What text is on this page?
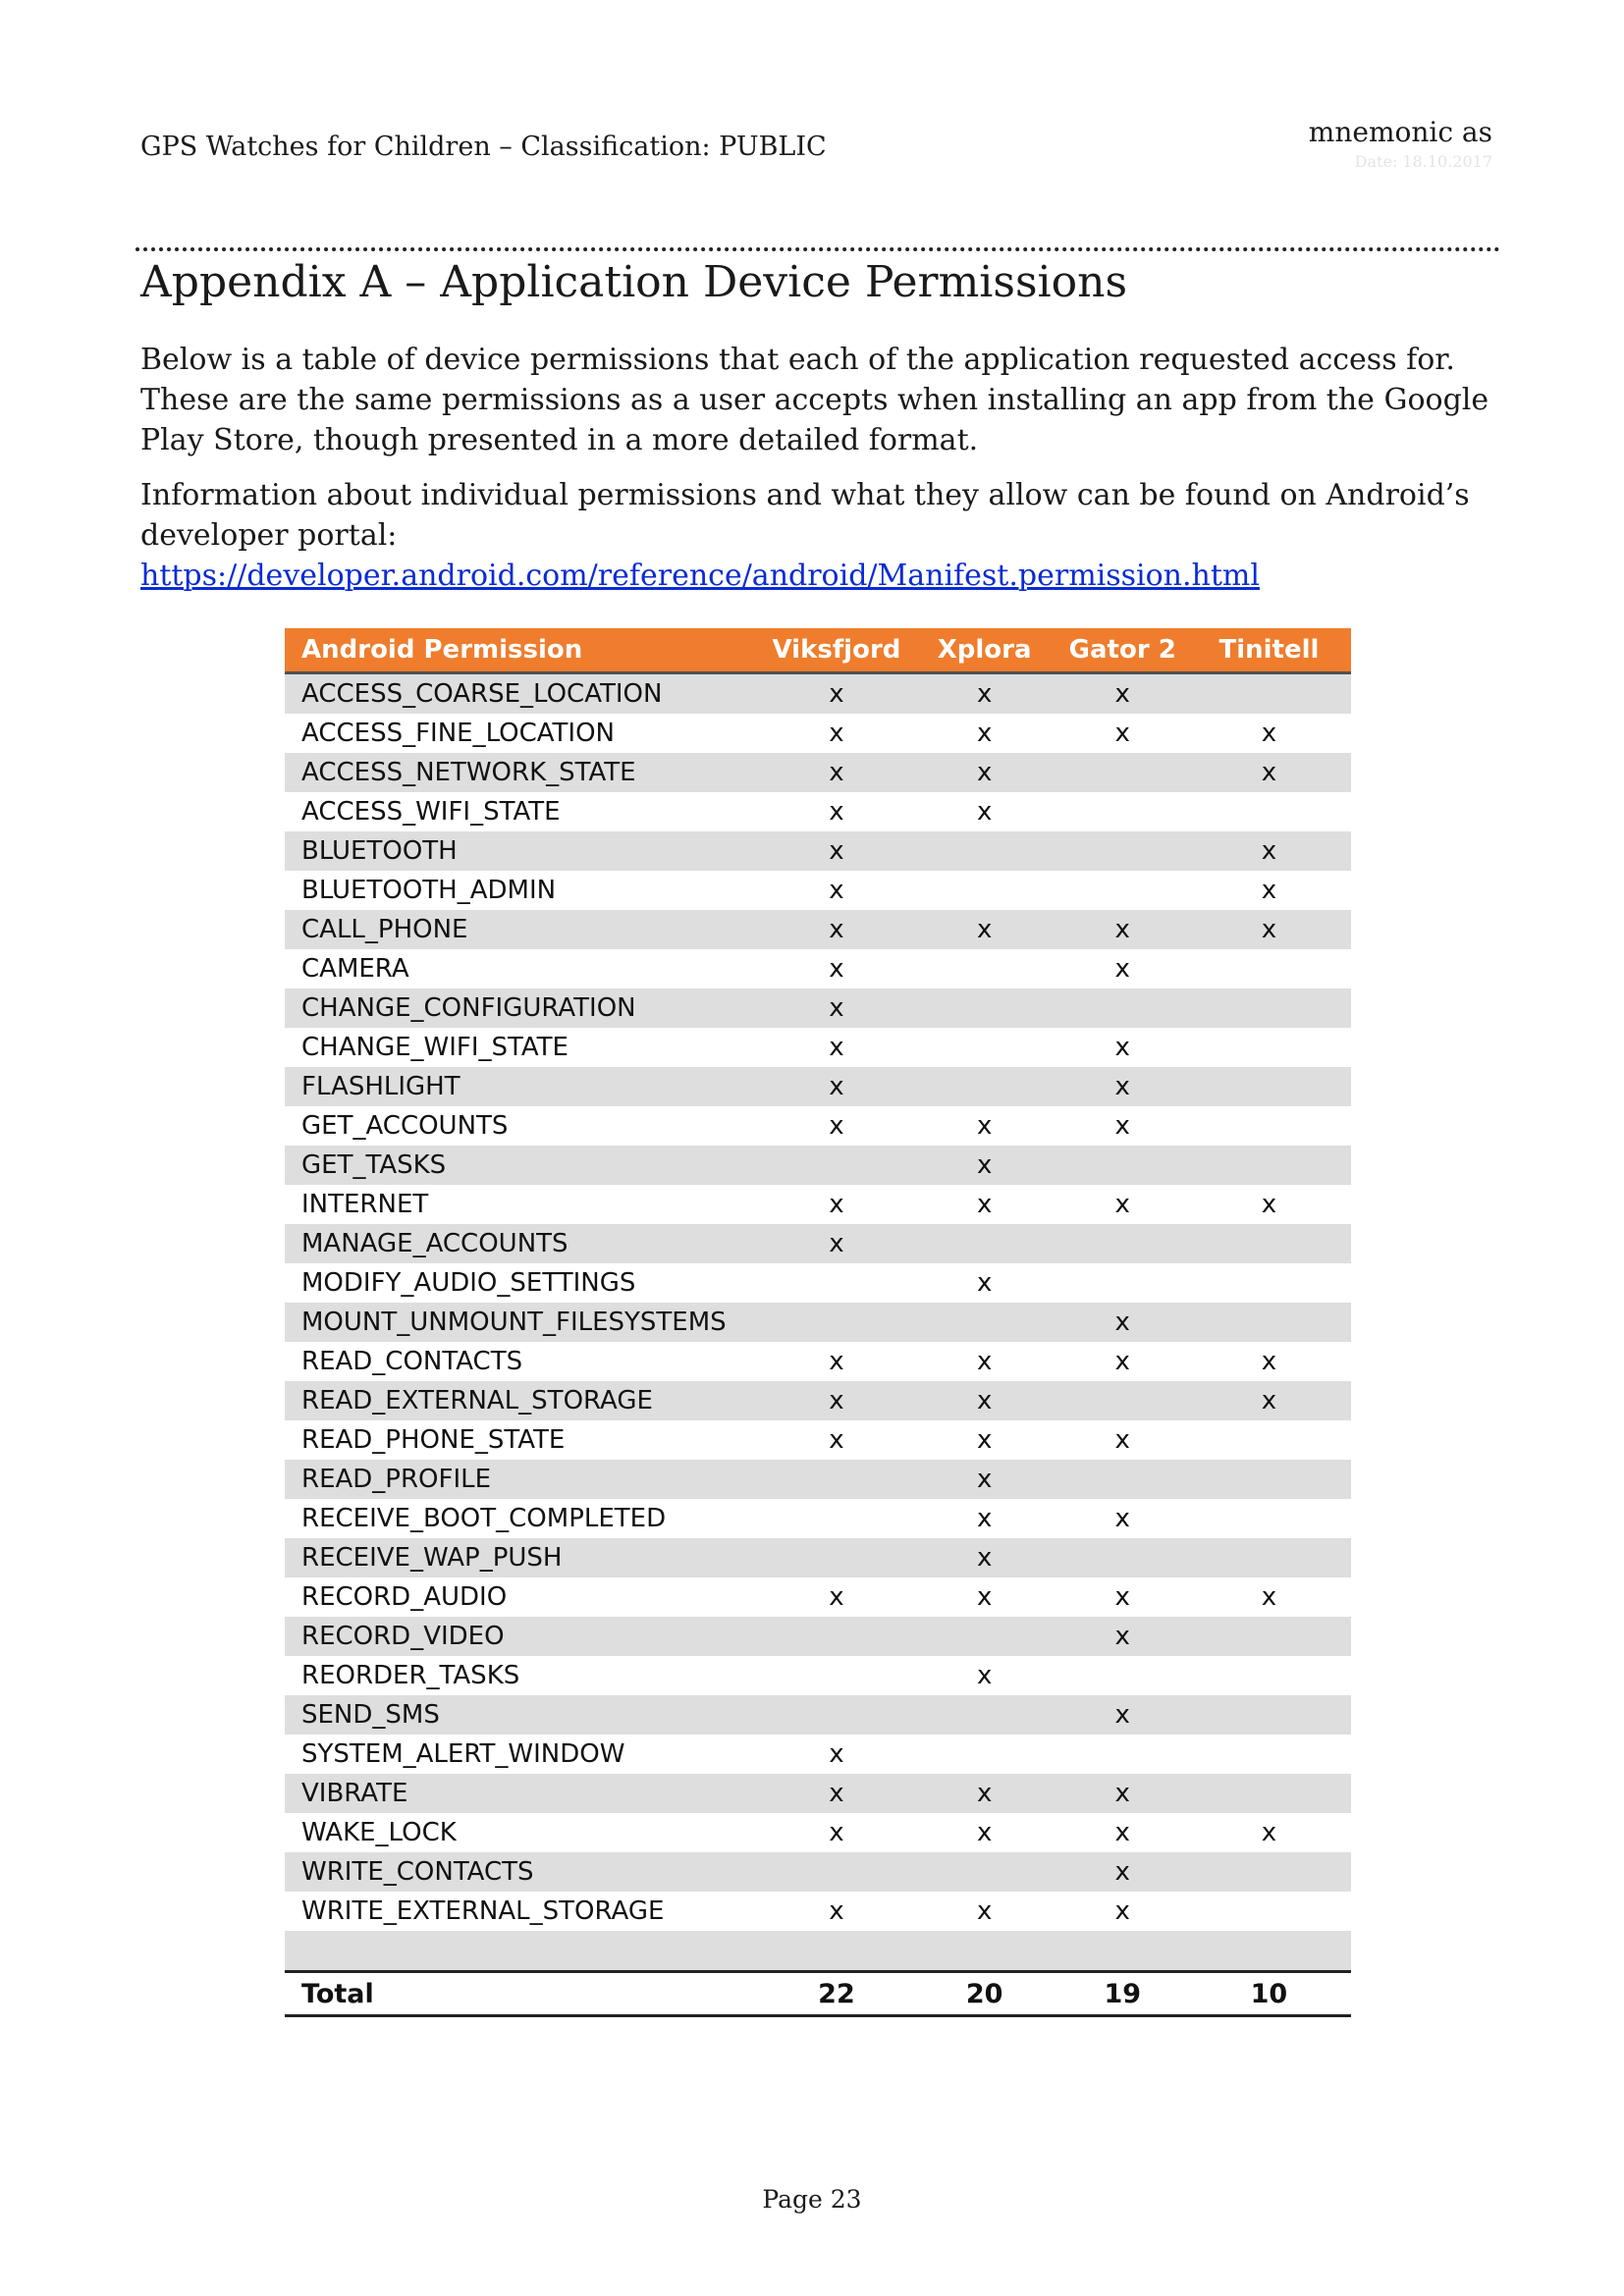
GPS Watches for Children – Classification: PUBLIC	mnemonic as
Date: 18.10.2017
Appendix A – Application Device Permissions

Below is a table of device permissions that each of the application requested access for. These are the same permissions as a user accepts when installing an app from the Google Play Store, though presented in a more detailed format.

Information about individual permissions and what they allow can be found on Android’s developer portal: https://developer.android.com/reference/android/Manifest.permission.html

Android Permission	Viksfjord	Xplora	Gator 2	Tinitell
ACCESS_COARSE_LOCATION	x	x	x	
ACCESS_FINE_LOCATION	x	x	x	x
ACCESS_NETWORK_STATE	x	x		x
ACCESS_WIFI_STATE	x	x		
BLUETOOTH	x			x
BLUETOOTH_ADMIN	x			x
CALL_PHONE	x	x	x	x
CAMERA	x		x	
CHANGE_CONFIGURATION	x			
CHANGE_WIFI_STATE	x		x	
FLASHLIGHT	x		x	
GET_ACCOUNTS	x	x	x	
GET_TASKS		x		
INTERNET	x	x	x	x
MANAGE_ACCOUNTS	x			
MODIFY_AUDIO_SETTINGS		x		
MOUNT_UNMOUNT_FILESYSTEMS			x	
READ_CONTACTS	x	x	x	x
READ_EXTERNAL_STORAGE	x	x		x
READ_PHONE_STATE	x	x	x	
READ_PROFILE		x		
RECEIVE_BOOT_COMPLETED		x	x	
RECEIVE_WAP_PUSH		x		
RECORD_AUDIO	x	x	x	x
RECORD_VIDEO			x	
REORDER_TASKS		x		
SEND_SMS			x	
SYSTEM_ALERT_WINDOW	x			
VIBRATE	x	x	x	
WAKE_LOCK	x	x	x	x
WRITE_CONTACTS			x	
WRITE_EXTERNAL_STORAGE	x	x	x	

Total	22	20	19	10
Page 23
